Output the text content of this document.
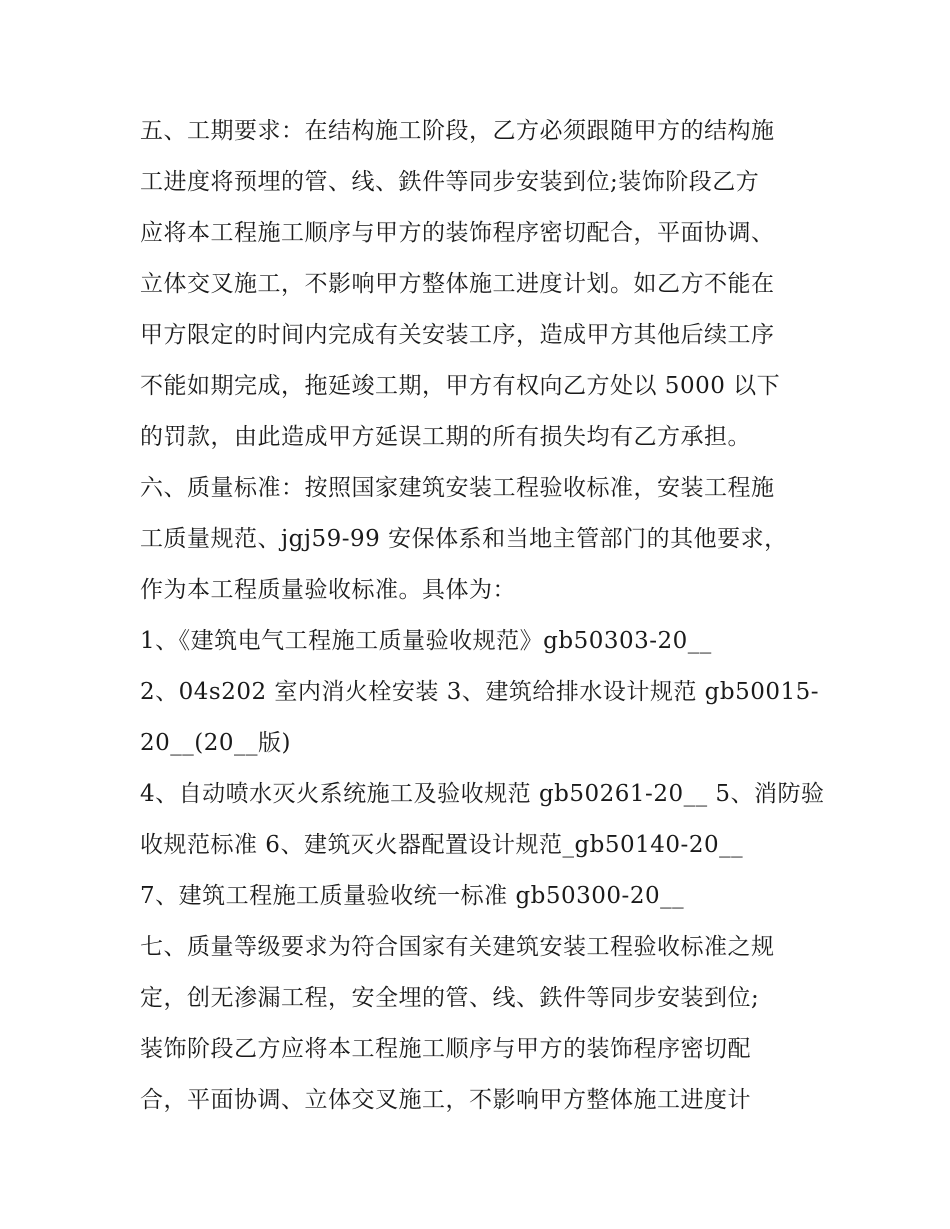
五、工期要求：在结构施工阶段，乙方必须跟随甲方的结构施
工进度将预埋的管、线、鉄件等同步安装到位;装饰阶段乙方
应将本工程施工顺序与甲方的装饰程序密切配合，平面协调、
立体交叉施工，不影响甲方整体施工进度计划。如乙方不能在
甲方限定的时间内完成有关安装工序，造成甲方其他后续工序
不能如期完成，拖延竣工期，甲方有权向乙方处以 5000 以下
的罚款，由此造成甲方延误工期的所有损失均有乙方承担。
六、质量标准：按照国家建筑安装工程验收标准，安装工程施
工质量规范、jgj59-99 安保体系和当地主管部门的其他要求，
作为本工程质量验收标准。具体为：
1、《建筑电气工程施工质量验收规范》gb50303-20__
2、04s202 室内消火栓安装 3、建筑给排水设计规范 gb50015-
20__(20__版)
4、自动喷水灭火系统施工及验收规范 gb50261-20__ 5、消防验
收规范标准 6、建筑灭火器配置设计规范_gb50140-20__
7、建筑工程施工质量验收统一标准 gb50300-20__
七、质量等级要求为符合国家有关建筑安装工程验收标准之规
定，创无渗漏工程，安全埋的管、线、鉄件等同步安装到位;
装饰阶段乙方应将本工程施工顺序与甲方的装饰程序密切配
合，平面协调、立体交叉施工，不影响甲方整体施工进度计
